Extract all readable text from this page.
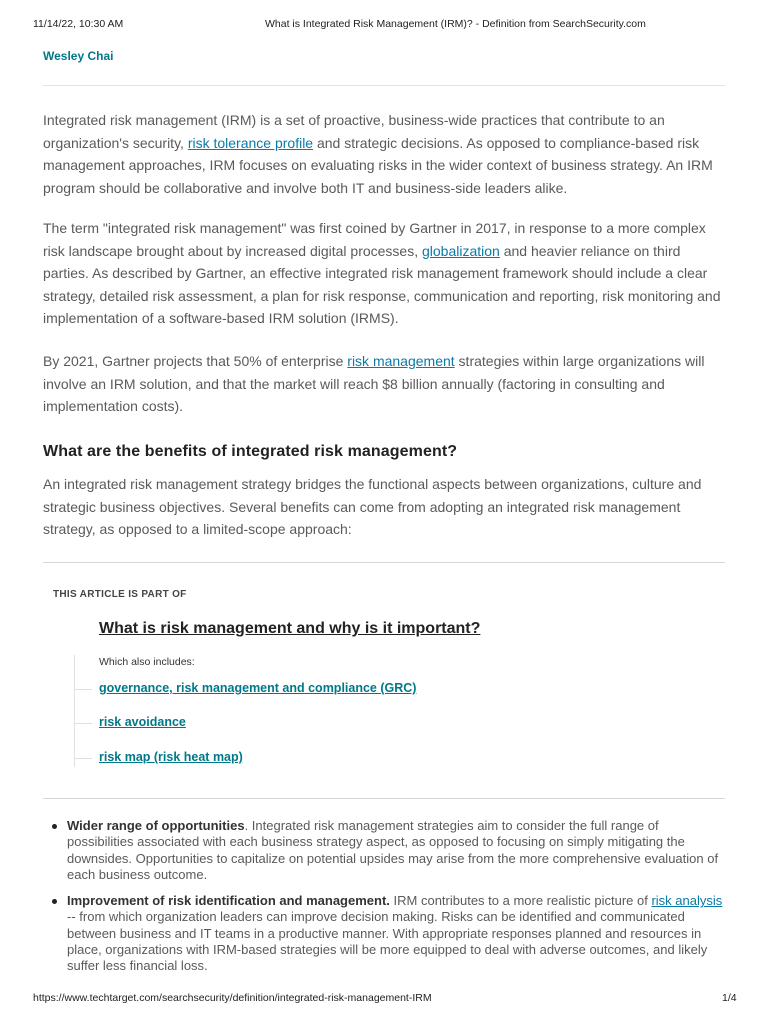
11/14/22, 10:30 AM	What is Integrated Risk Management (IRM)? - Definition from SearchSecurity.com
Wesley Chai

Integrated risk management (IRM) is a set of proactive, business-wide practices that contribute to an organization's security, risk tolerance profile and strategic decisions. As opposed to compliance-based risk management approaches, IRM focuses on evaluating risks in the wider context of business strategy. An IRM program should be collaborative and involve both IT and business-side leaders alike.

The term "integrated risk management" was first coined by Gartner in 2017, in response to a more complex risk landscape brought about by increased digital processes, globalization and heavier reliance on third parties. As described by Gartner, an effective integrated risk management framework should include a clear strategy, detailed risk assessment, a plan for risk response, communication and reporting, risk monitoring and implementation of a software-based IRM solution (IRMS).

By 2021, Gartner projects that 50% of enterprise risk management strategies within large organizations will involve an IRM solution, and that the market will reach $8 billion annually (factoring in consulting and implementation costs).

What are the benefits of integrated risk management?

An integrated risk management strategy bridges the functional aspects between organizations, culture and strategic business objectives. Several benefits can come from adopting an integrated risk management strategy, as opposed to a limited-scope approach:

THIS ARTICLE IS PART OF
What is risk management and why is it important?
Which also includes:
governance, risk management and compliance (GRC)
risk avoidance
risk map (risk heat map)
Wider range of opportunities. Integrated risk management strategies aim to consider the full range of possibilities associated with each business strategy aspect, as opposed to focusing on simply mitigating the downsides. Opportunities to capitalize on potential upsides may arise from the more comprehensive evaluation of each business outcome.
Improvement of risk identification and management. IRM contributes to a more realistic picture of risk analysis -- from which organization leaders can improve decision making. Risks can be identified and communicated between business and IT teams in a productive manner. With appropriate responses planned and resources in place, organizations with IRM-based strategies will be more equipped to deal with adverse outcomes, and likely suffer less financial loss.
https://www.techtarget.com/searchsecurity/definition/integrated-risk-management-IRM	1/4
